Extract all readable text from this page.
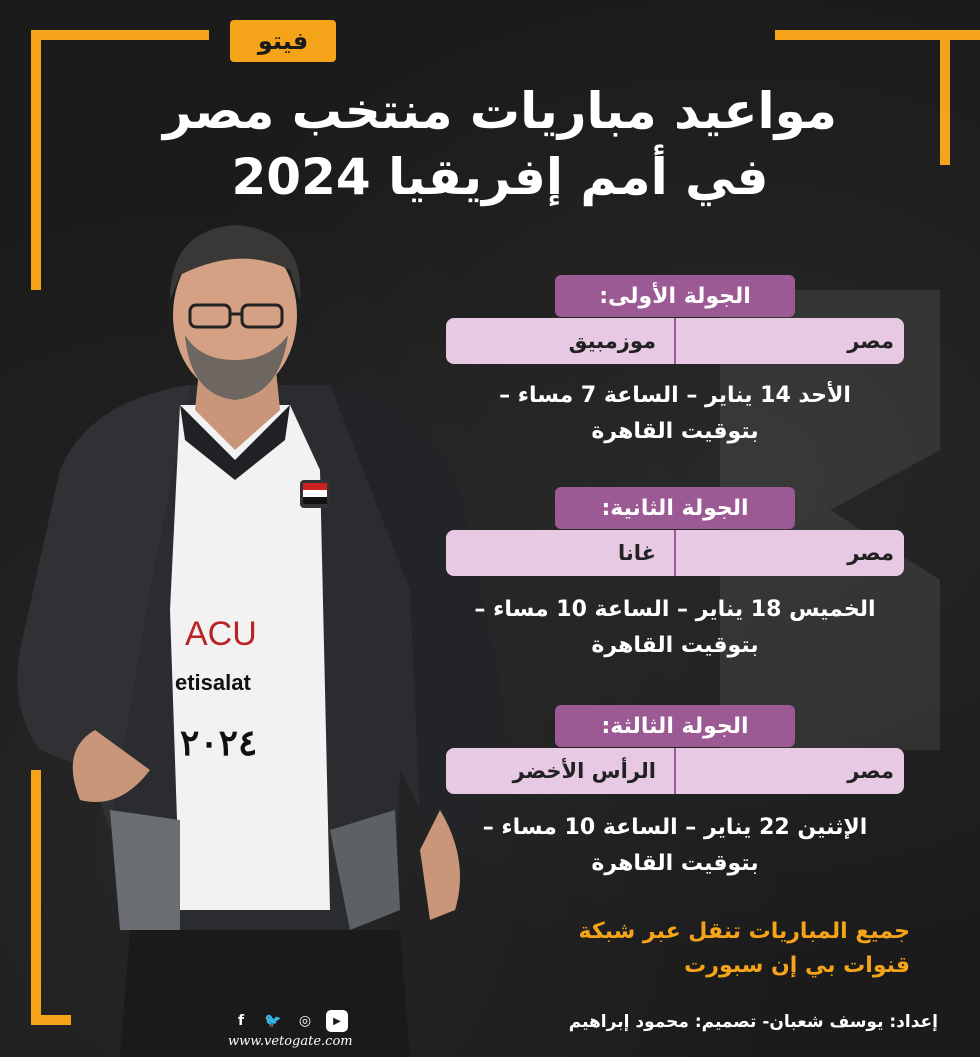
فيتو
مواعيد مباريات منتخب مصر
في أمم إفريقيا 2024
etisalat
٢٠٢٤
ACU
الجولة الأولى:
مصر
موزمبيق
الأحد 14 يناير – الساعة 7 مساء –
بتوقيت القاهرة
الجولة الثانية:
مصر
غانا
الخميس 18 يناير – الساعة 10 مساء –
بتوقيت القاهرة
الجولة الثالثة:
مصر
الرأس الأخضر
الإثنين 22 يناير – الساعة 10 مساء –
بتوقيت القاهرة
جميع المباريات تنقل عبر شبكة
قنوات بي إن سبورت
إعداد: يوسف شعبان- تصميم: محمود إبراهيم
f	🐦	◎	▶
www.vetogate.com
